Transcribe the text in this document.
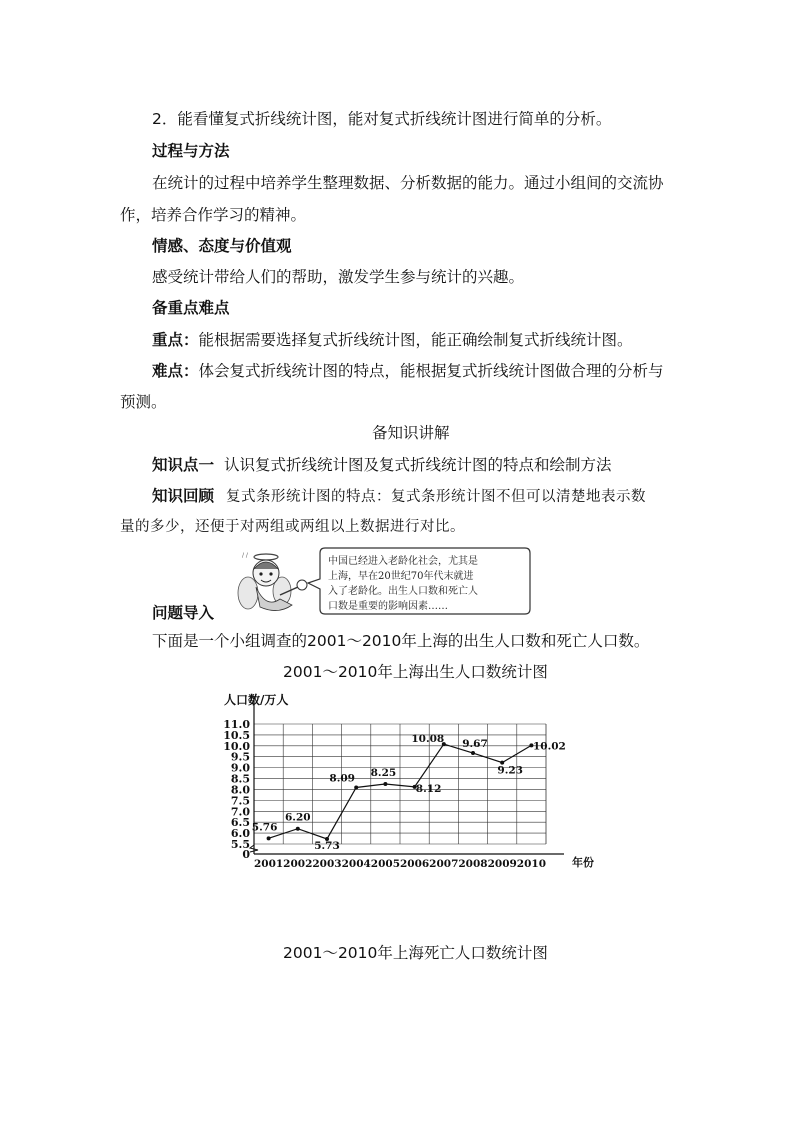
2．能看懂复式折线统计图，能对复式折线统计图进行简单的分析。
过程与方法
在统计的过程中培养学生整理数据、分析数据的能力。通过小组间的交流协
作，培养合作学习的精神。
情感、态度与价值观
感受统计带给人们的帮助，激发学生参与统计的兴趣。
备重点难点
重点：能根据需要选择复式折线统计图，能正确绘制复式折线统计图。
难点：体会复式折线统计图的特点，能根据复式折线统计图做合理的分析与
预测。
备知识讲解
知识点一 认识复式折线统计图及复式折线统计图的特点和绘制方法
知识回顾 复式条形统计图的特点：复式条形统计图不但可以清楚地表示数
量的多少，还便于对两组或两组以上数据进行对比。
/ /
中国已经进入老龄化社会，尤其是
上海，早在20世纪70年代末就进
入了老龄化。出生人口数和死亡人
口数是重要的影响因素……
问题导入
下面是一个小组调查的2001～2010年上海的出生人口数和死亡人口数。
2001～2010年上海出生人口数统计图
0
5.5
6.0
6.5
7.0
7.5
8.0
8.5
9.0
9.5
10.0
10.5
11.0
2001 2002 2003 2004 2005 2006 2007 2008 2009 2010
5.76
6.20
5.73
8.09 8.25
8.12
10.08 9.67
9.23
10.02
人口数/万人
年份
2001～2010年上海死亡人口数统计图
